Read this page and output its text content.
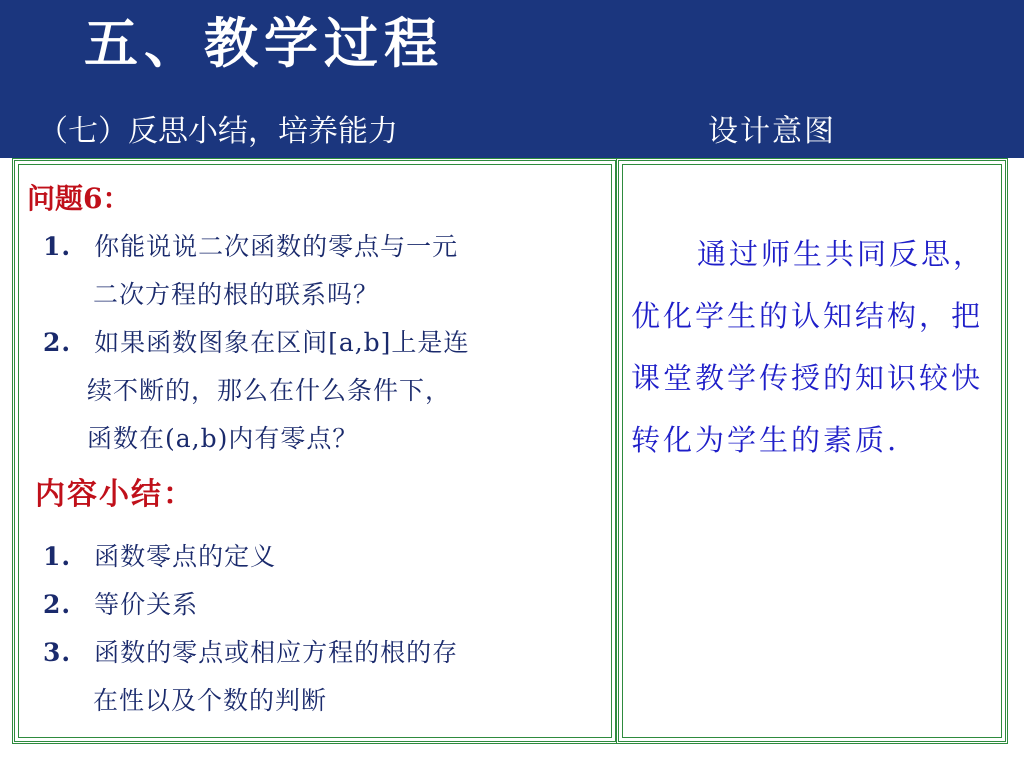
五、教学过程
（七）反思小结，培养能力	设计意图
问题6：
1. 你能说说二次函数的零点与一元
二次方程的根的联系吗？
2. 如果函数图象在区间[a,b]上是连
续不断的，那么在什么条件下，
函数在(a,b)内有零点？
内容小结：
1. 函数零点的定义
2. 等价关系
3. 函数的零点或相应方程的根的存
在性以及个数的判断
通过师生共同反思，优化学生的认知结构，把课堂教学传授的知识较快转化为学生的素质.
